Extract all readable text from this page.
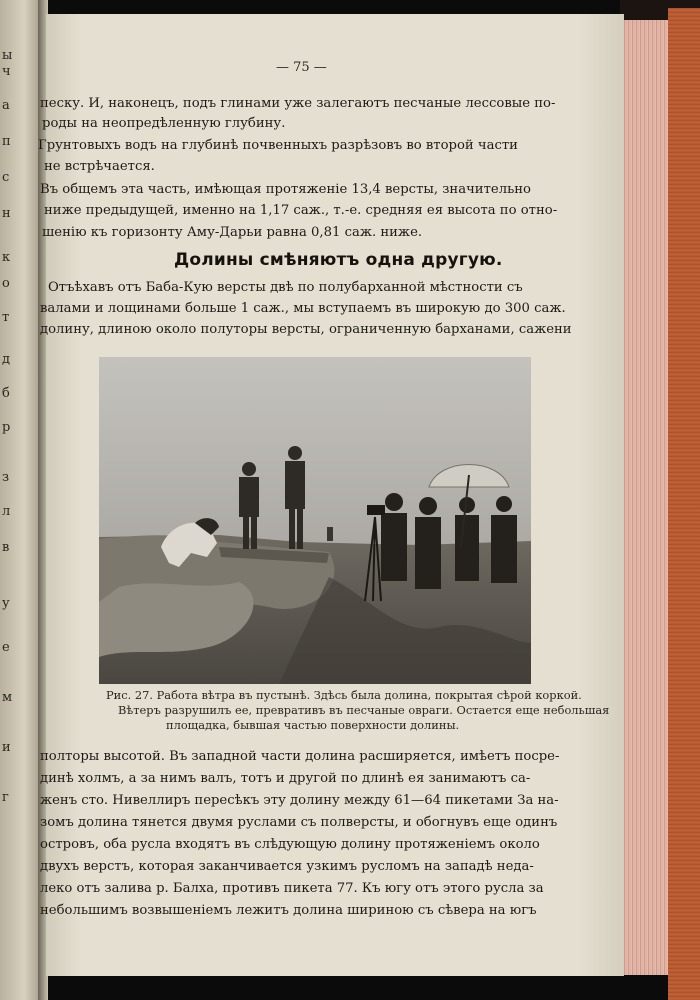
ы
ч
а
п
с
н
к
о
т
д
б
р
з
л
в
у
е
м
и
г
— 75 —
песку. И, наконецъ, подъ глинами уже залегаютъ песчаные лессовые по-
роды на неопредѣленную глубину.
Грунтовыхъ водъ на глубинѣ почвенныхъ разрѣзовъ во второй части
не встрѣчается.
Въ общемъ эта часть, имѣющая протяженіе 13,4 версты, значительно
ниже предыдущей, именно на 1,17 саж., т.-е. средняя ея высота по отно-
шенію къ горизонту Аму-Дарьи равна 0,81 саж. ниже.
Долины смѣняютъ одна другую.
Отъѣхавъ отъ Баба-Кую версты двѣ по полубарханной мѣстности съ
валами и лощинами больше 1 саж., мы вступаемъ въ широкую до 300 саж.
долину, длиною около полуторы версты, ограниченную барханами, сажени
Рис. 27. Работа вѣтра въ пустынѣ. Здѣсь была долина, покрытая сѣрой коркой.
Вѣтеръ разрушилъ ее, превративъ въ песчаные овраги. Остается еще небольшая
площадка, бывшая частью поверхности долины.
полторы высотой. Въ западной части долина расширяется, имѣетъ посре-
динѣ холмъ, а за нимъ валъ, тотъ и другой по длинѣ ея занимаютъ са-
женъ сто. Нивеллиръ пересѣкъ эту долину между 61—64 пикетами За на-
зомъ долина тянется двумя руслами съ полверсты, и обогнувъ еще одинъ
островъ, оба русла входятъ въ слѣдующую долину протяженіемъ около
двухъ верстъ, которая заканчивается узкимъ русломъ на западѣ неда-
леко отъ залива р. Балха, противъ пикета 77. Къ югу отъ этого русла за
небольшимъ возвышеніемъ лежитъ долина шириною съ сѣвера на югъ
